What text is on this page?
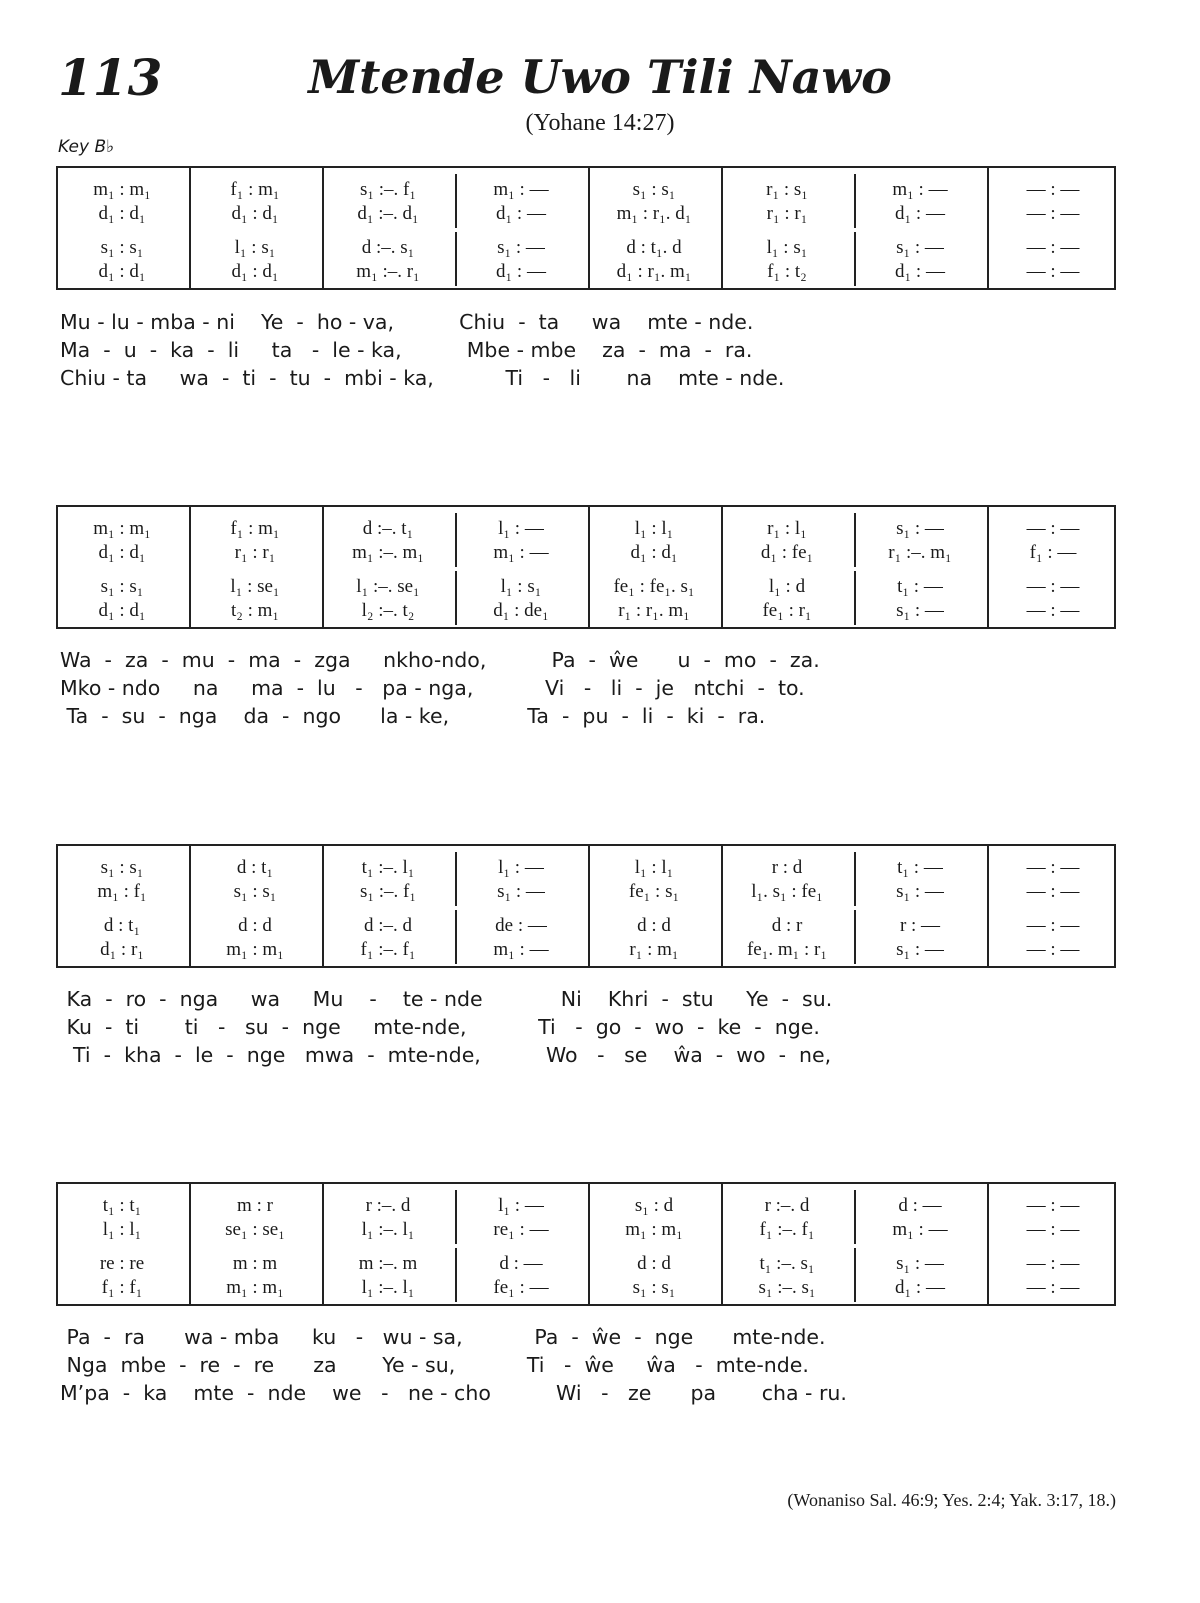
113	Mtende Uwo Tili Nawo
(Yohane 14:27)
Key B♭
m₁ : m₁	f₁ : m₁	s₁ :–. f₁	m₁ : —	s₁ : s₁	r₁ : s₁	m₁ : —	— : —
d₁ : d₁	d₁ : d₁	d₁ :–. d₁	d₁ : —	m₁ : r₁. d₁	r₁ : r₁	d₁ : —	— : —
s₁ : s₁	l₁ : s₁	d :–. s₁	s₁ : —	d : t₁. d	l₁ : s₁	s₁ : —	— : —
d₁ : d₁	d₁ : d₁	m₁ :–. r₁	d₁ : —	d₁ : r₁. m₁	f₁ : t₂	d₁ : —	— : —
Mu - lu - mba - ni    Ye  -  ho - va,          Chiu  -  ta     wa    mte - nde.
Ma  -  u  -  ka  -  li     ta   -  le - ka,          Mbe - mbe    za  -  ma  -  ra.
Chiu - ta     wa  -  ti  -  tu  -  mbi - ka,           Ti   -   li       na    mte - nde.
m₁ : m₁	f₁ : m₁	d :–. t₁	l₁ : —	l₁ : l₁	r₁ : l₁	s₁ : —	— : —
d₁ : d₁	r₁ : r₁	m₁ :–. m₁	m₁ : —	d₁ : d₁	d₁ : fe₁	r₁ :–. m₁	f₁ : —
s₁ : s₁	l₁ : se₁	l₁ :–. se₁	l₁ : s₁	fe₁ : fe₁. s₁	l₁ : d	t₁ : —	— : —
d₁ : d₁	t₂ : m₁	l₂ :–. t₂	d₁ : de₁	r₁ : r₁. m₁	fe₁ : r₁	s₁ : —	— : —
Wa  -  za  -  mu  -  ma  -  zga     nkho-ndo,          Pa  -  ŵe      u  -  mo  -  za.
Mko - ndo     na     ma  -  lu   -   pa - nga,           Vi   -   li  -  je   ntchi  -  to.
Ta  -  su  -  nga    da  -  ngo      la - ke,            Ta  -  pu  -  li  -  ki  -  ra.
s₁ : s₁	d : t₁	t₁ :–. l₁	l₁ : —	l₁ : l₁	r : d	t₁ : —	— : —
m₁ : f₁	s₁ : s₁	s₁ :–. f₁	s₁ : —	fe₁ : s₁	l₁. s₁ : fe₁	s₁ : —	— : —
d : t₁	d : d	d :–. d	de : —	d : d	d : r	r : —	— : —
d₁ : r₁	m₁ : m₁	f₁ :–. f₁	m₁ : —	r₁ : m₁	fe₁. m₁ : r₁	s₁ : —	— : —
Ka  -  ro  -  nga     wa     Mu    -    te - nde            Ni    Khri  -  stu     Ye  -  su.
Ku  -  ti       ti   -   su  -  nge     mte-nde,           Ti   -  go  -  wo  -  ke  -  nge.
Ti  -  kha  -  le  -  nge   mwa  -  mte-nde,          Wo   -   se    ŵa  -  wo  -  ne,
t₁ : t₁	m : r	r :–. d	l₁ : —	s₁ : d	r :–. d	d : —	— : —
l₁ : l₁	se₁ : se₁	l₁ :–. l₁	re₁ : —	m₁ : m₁	f₁ :–. f₁	m₁ : —	— : —
re : re	m : m	m :–. m	d : —	d : d	t₁ :–. s₁	s₁ : —	— : —
f₁ : f₁	m₁ : m₁	l₁ :–. l₁	fe₁ : —	s₁ : s₁	s₁ :–. s₁	d₁ : —	— : —
Pa  -  ra      wa - mba     ku   -   wu - sa,           Pa  -  ŵe  -  nge      mte-nde.
Nga  mbe  -  re  -  re      za       Ye - su,           Ti   -  ŵe     ŵa   -  mte-nde.
M’pa  -  ka    mte  -  nde    we   -   ne - cho          Wi   -   ze      pa       cha - ru.
(Wonaniso Sal. 46:9; Yes. 2:4; Yak. 3:17, 18.)
